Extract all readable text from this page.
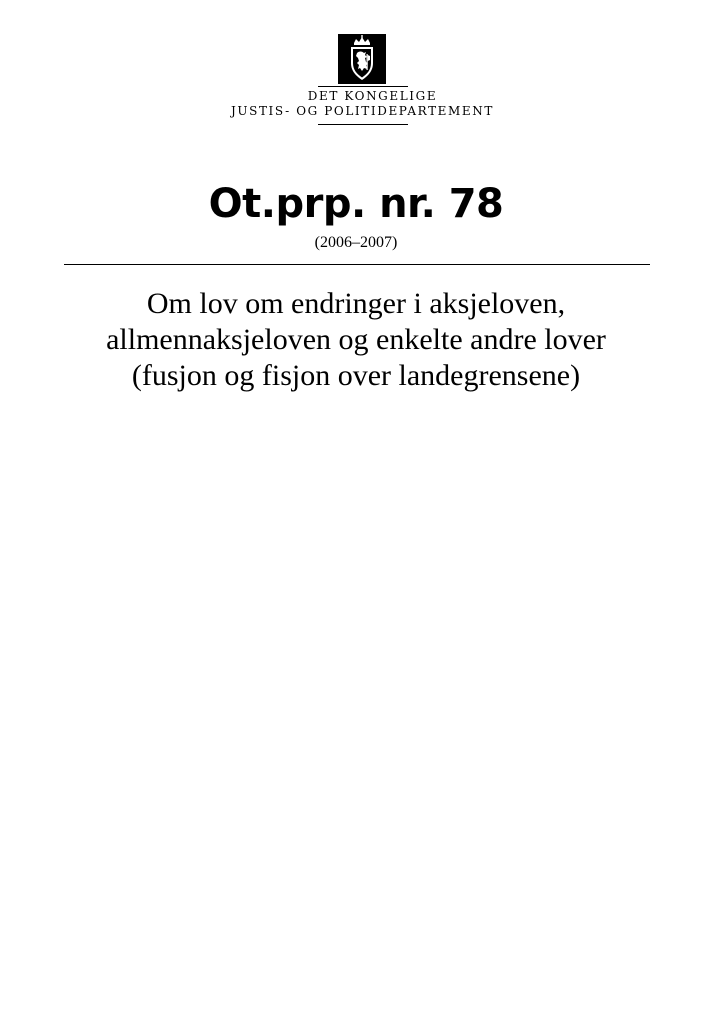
DET KONGELIGE
JUSTIS- OG POLITIDEPARTEMENT
Ot.prp. nr. 78
(2006–2007)
Om lov om endringer i aksjeloven,
allmennaksjeloven og enkelte andre lover
(fusjon og fisjon over landegrensene)
